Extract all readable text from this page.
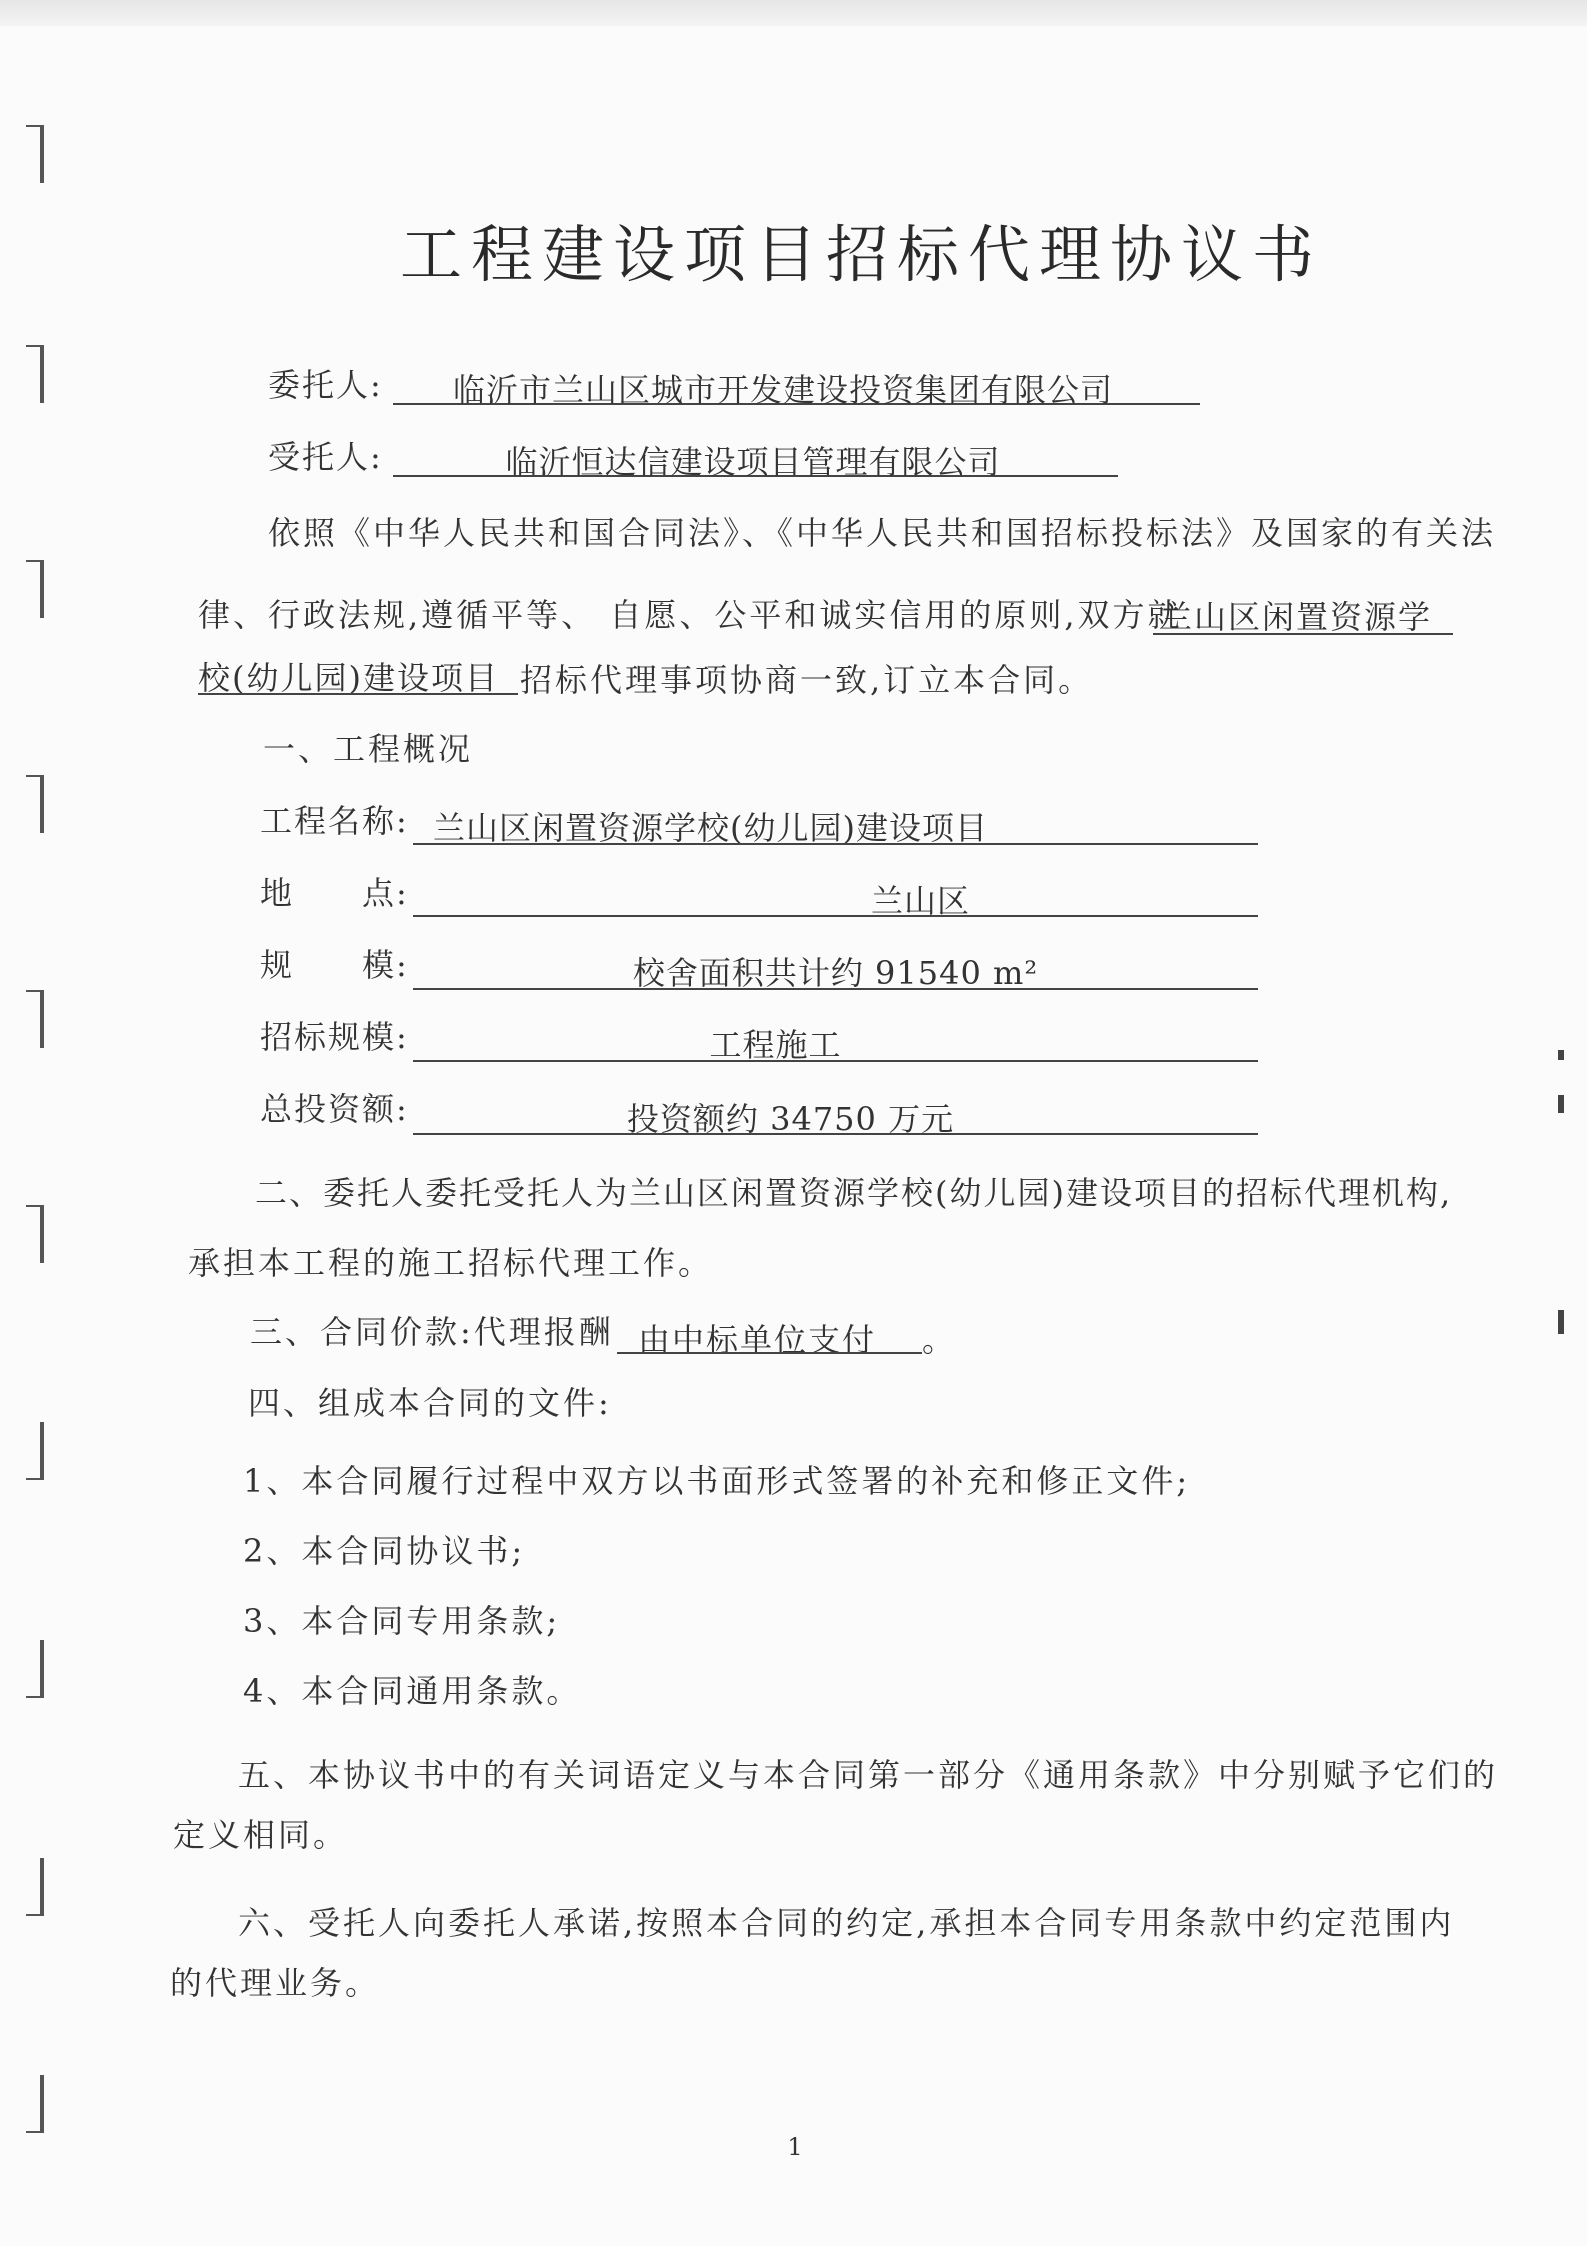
工程建设项目招标代理协议书
委托人:	临沂市兰山区城市开发建设投资集团有限公司
受托人:	临沂恒达信建设项目管理有限公司
依照《中华人民共和国合同法》、《中华人民共和国招标投标法》及国家的有关法
律、行政法规,遵循平等、 自愿、公平和诚实信用的原则,双方就
兰山区闲置资源学
校(幼儿园)建设项目 招标代理事项协商一致,订立本合同。
一、工程概况
工程名称: 兰山区闲置资源学校(幼儿园)建设项目
地　　点:	兰山区
规　　模:	校舍面积共计约 91540 m²
招标规模:	工程施工
总投资额:	投资额约 34750 万元
二、委托人委托受托人为兰山区闲置资源学校(幼儿园)建设项目的招标代理机构,
承担本工程的施工招标代理工作。
三、合同价款:代理报酬 由中标单位支付 。
四、组成本合同的文件:
1、本合同履行过程中双方以书面形式签署的补充和修正文件;
2、本合同协议书;
3、本合同专用条款;
4、本合同通用条款。
五、本协议书中的有关词语定义与本合同第一部分《通用条款》中分别赋予它们的
定义相同。
六、受托人向委托人承诺,按照本合同的约定,承担本合同专用条款中约定范围内
的代理业务。
1
